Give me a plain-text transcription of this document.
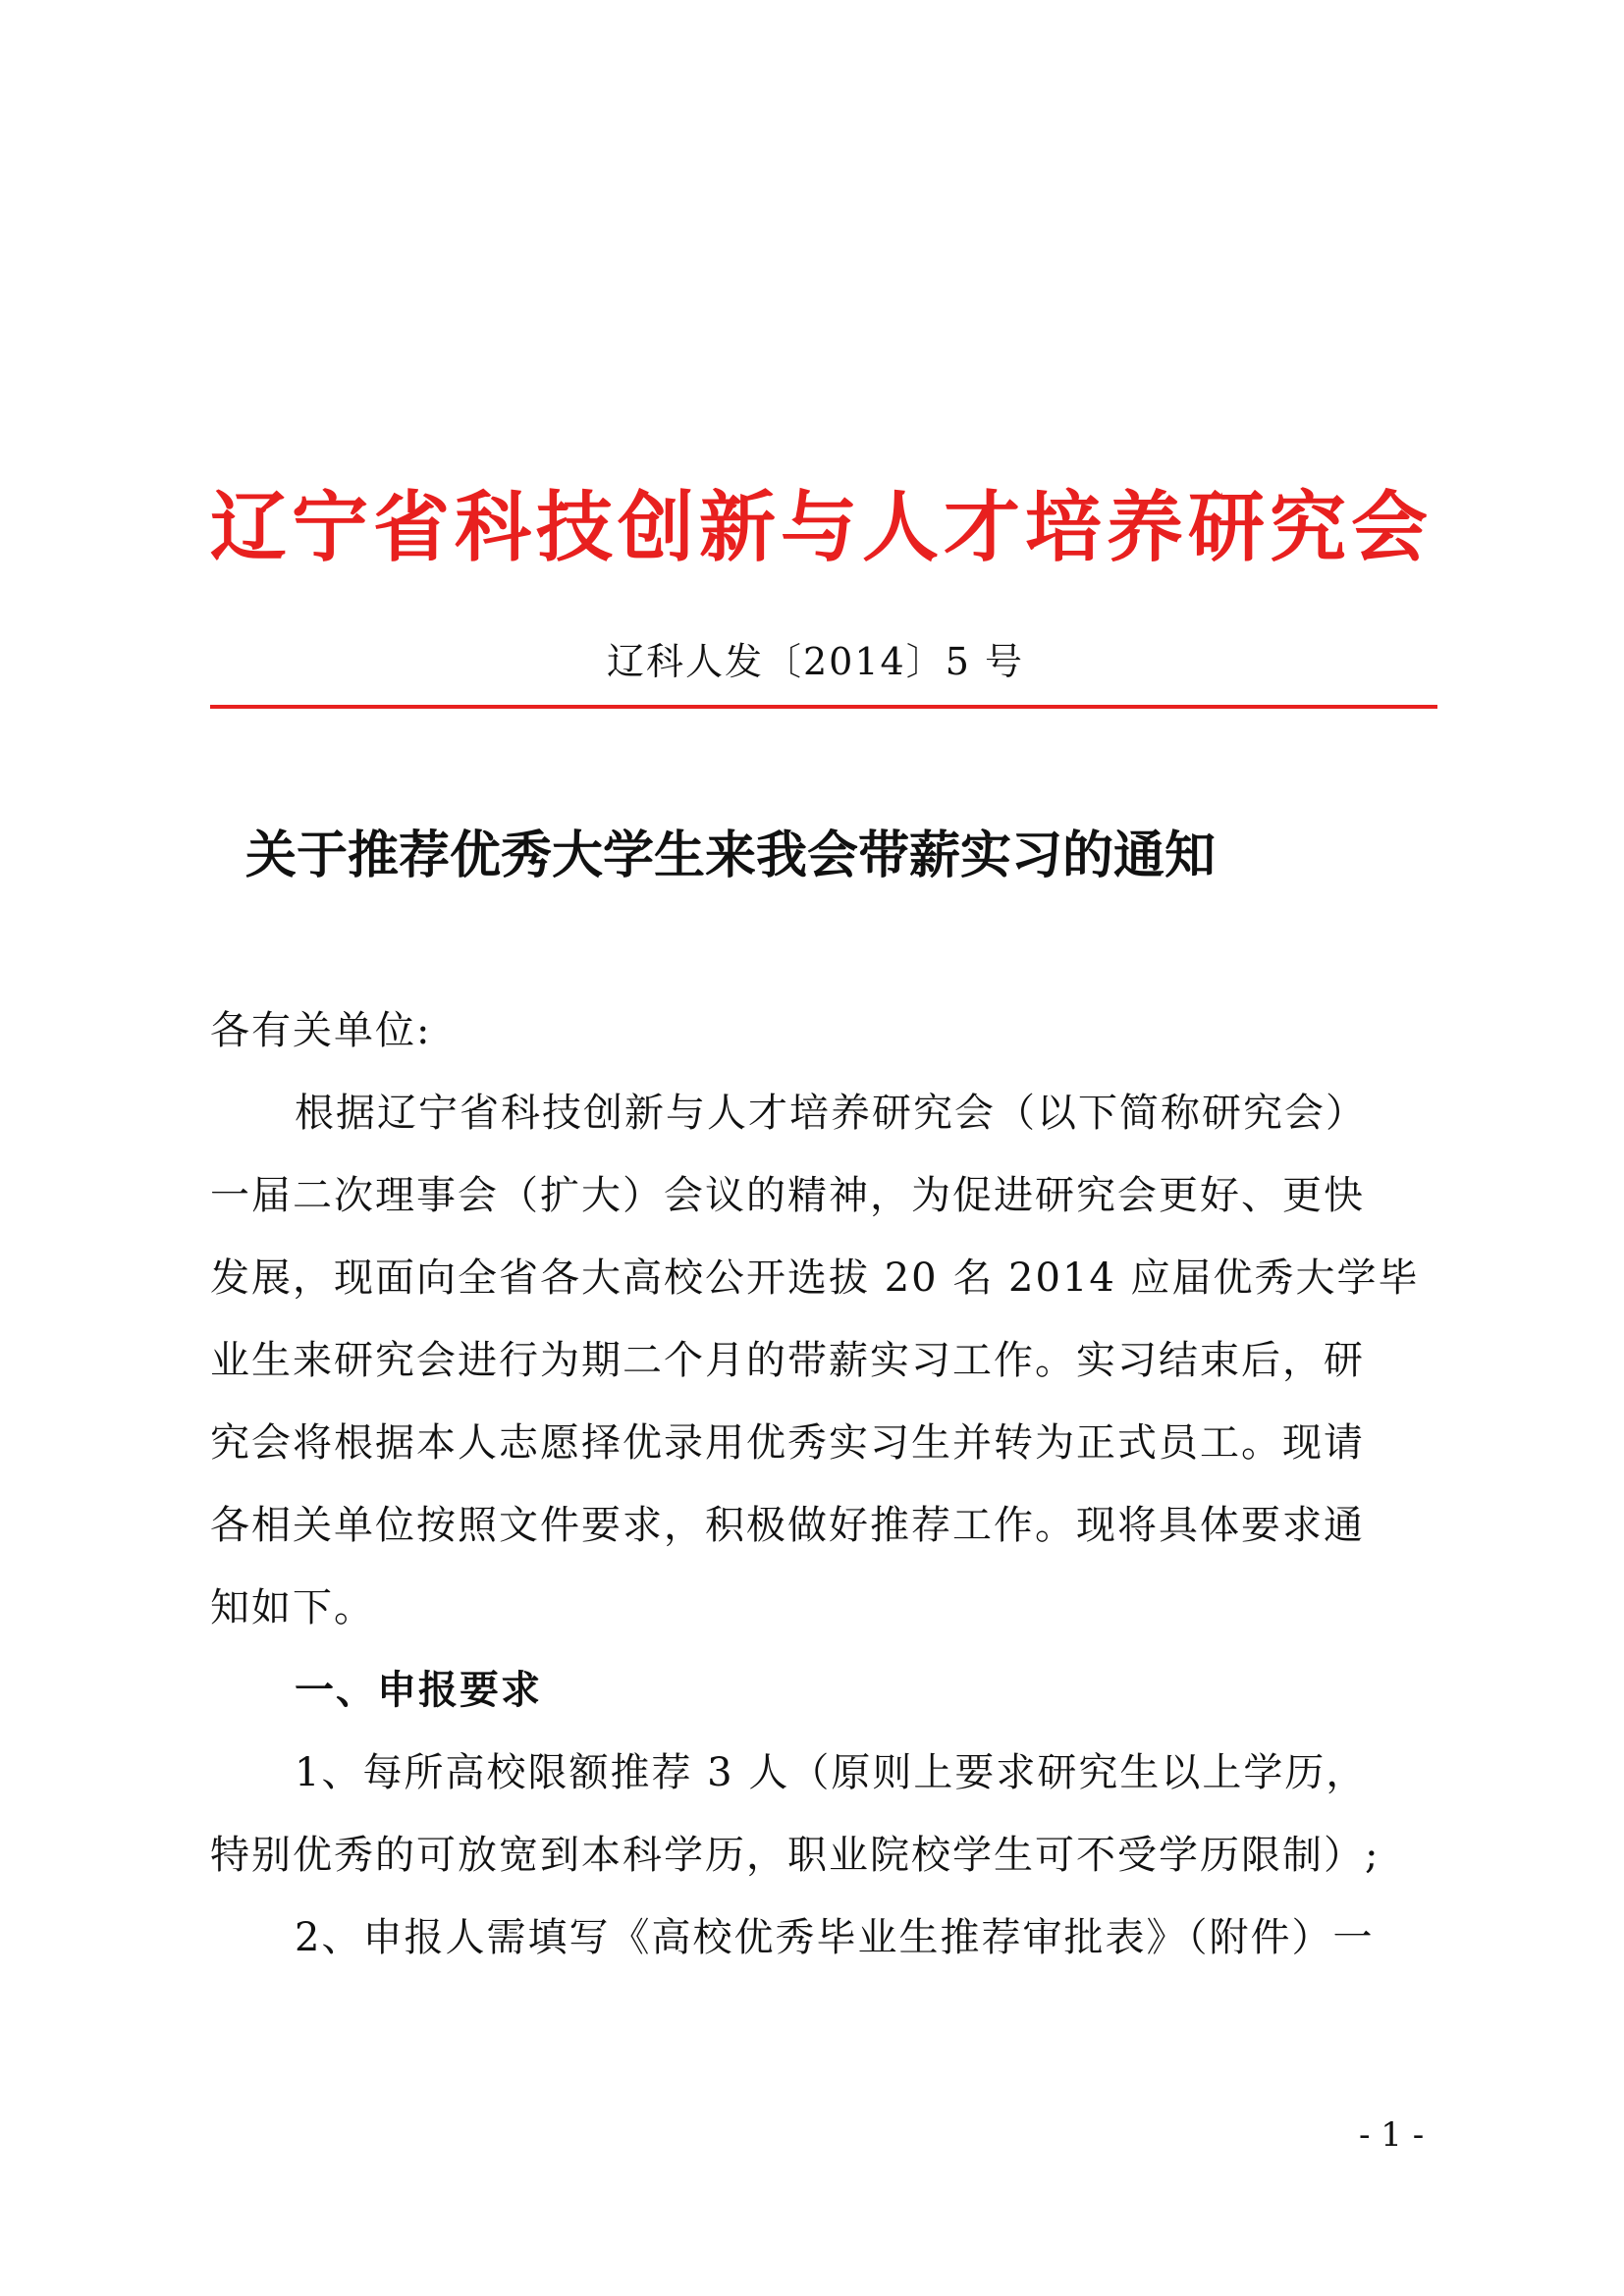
辽宁省科技创新与人才培养研究会
辽科人发〔2014〕5 号
关于推荐优秀大学生来我会带薪实习的通知
各有关单位:
根据辽宁省科技创新与人才培养研究会（以下简称研究会）
一届二次理事会（扩大）会议的精神，为促进研究会更好、更快
发展，现面向全省各大高校公开选拔 20 名 2014 应届优秀大学毕
业生来研究会进行为期二个月的带薪实习工作。实习结束后，研
究会将根据本人志愿择优录用优秀实习生并转为正式员工。现请
各相关单位按照文件要求，积极做好推荐工作。现将具体要求通
知如下。
一、申报要求
1、每所高校限额推荐 3 人（原则上要求研究生以上学历，
特别优秀的可放宽到本科学历，职业院校学生可不受学历限制）;
2、申报人需填写《高校优秀毕业生推荐审批表》（附件）一
- 1 -
